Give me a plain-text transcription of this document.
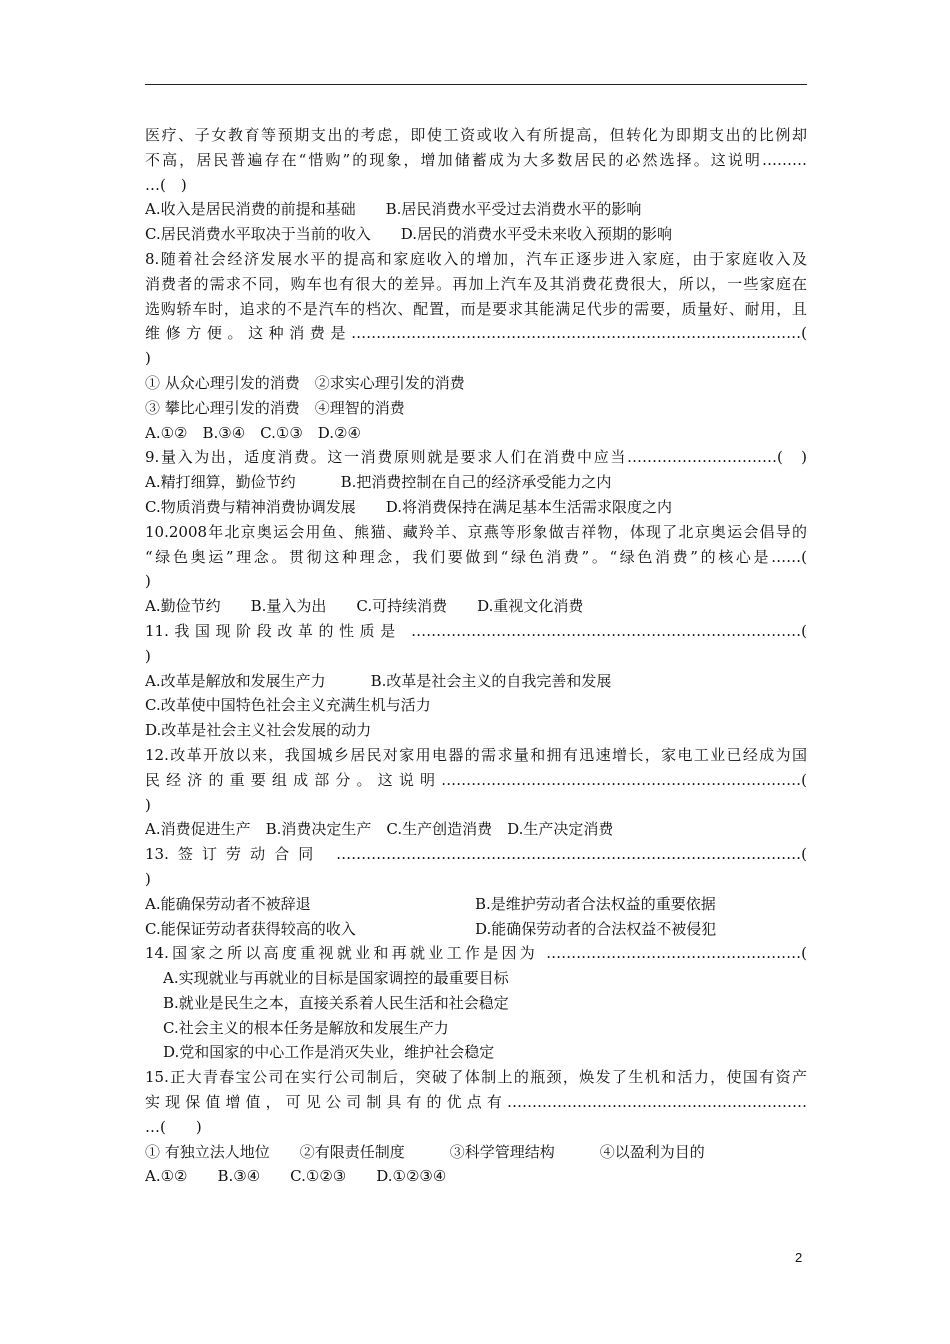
医疗、子女教育等预期支出的考虑，即使工资或收入有所提高，但转化为即期支出的比例却
不高，居民普遍存在“惜购”的现象，增加储蓄成为大多数居民的必然选择。这说明………
…(　)
A.收入是居民消费的前提和基础　　B.居民消费水平受过去消费水平的影响
C.居民消费水平取决于当前的收入　　D.居民的消费水平受未来收入预期的影响
8.随着社会经济发展水平的提高和家庭收入的增加，汽车正逐步进入家庭，由于家庭收入及
消费者的需求不同，购车也有很大的差异。再加上汽车及其消费花费很大，所以，一些家庭在
选购轿车时，追求的不是汽车的档次、配置，而是要求其能满足代步的需要，质量好、耐用，且
维修方便。这种消费是………………………………………………………………………………(
)
① 从众心理引发的消费　②求实心理引发的消费
③ 攀比心理引发的消费　④理智的消费
A.①②　B.③④　C.①③　D.②④
9.量入为出，适度消费。这一消费原则就是要求人们在消费中应当…………………………(　)
A.精打细算，勤俭节约　　　B.把消费控制在自己的经济承受能力之内
C.物质消费与精神消费协调发展　　D.将消费保持在满足基本生活需求限度之内
10.2008年北京奥运会用鱼、熊猫、藏羚羊、京燕等形象做吉祥物，体现了北京奥运会倡导的
“绿色奥运”理念。贯彻这种理念，我们要做到“绿色消费”。“绿色消费”的核心是……(
)
A.勤俭节约　　B.量入为出　　C.可持续消费　　D.重视文化消费
11.我国现阶段改革的性质是 ……………………………………………………………………(
)
A.改革是解放和发展生产力　　　B.改革是社会主义的自我完善和发展
C.改革使中国特色社会主义充满生机与活力
D.改革是社会主义社会发展的动力
12.改革开放以来，我国城乡居民对家用电器的需求量和拥有迅速增长，家电工业已经成为国
民经济的重要组成部分。这说明………………………………………………………………(
)
A.消费促进生产　B.消费决定生产　C.生产创造消费　D.生产决定消费
13.签订劳动合同 …………………………………………………………………………………(
)
A.能确保劳动者不被辞退	B.是维护劳动者合法权益的重要依据
C.能保证劳动者获得较高的收入	D.能确保劳动者的合法权益不被侵犯
14.国家之所以高度重视就业和再就业工作是因为 ……………………………………………(
A.实现就业与再就业的目标是国家调控的最重要目标
B.就业是民生之本，直接关系着人民生活和社会稳定
C.社会主义的根本任务是解放和发展生产力
D.党和国家的中心工作是消灭失业，维护社会稳定
15.正大青春宝公司在实行公司制后，突破了体制上的瓶颈，焕发了生机和活力，使国有资产
实现保值增值，可见公司制具有的优点有……………………………………………………
…(　　)
① 有独立法人地位　　②有限责任制度　　　③科学管理结构　　　④以盈利为目的
A.①②　　B.③④　　C.①②③　　D.①②③④
2
